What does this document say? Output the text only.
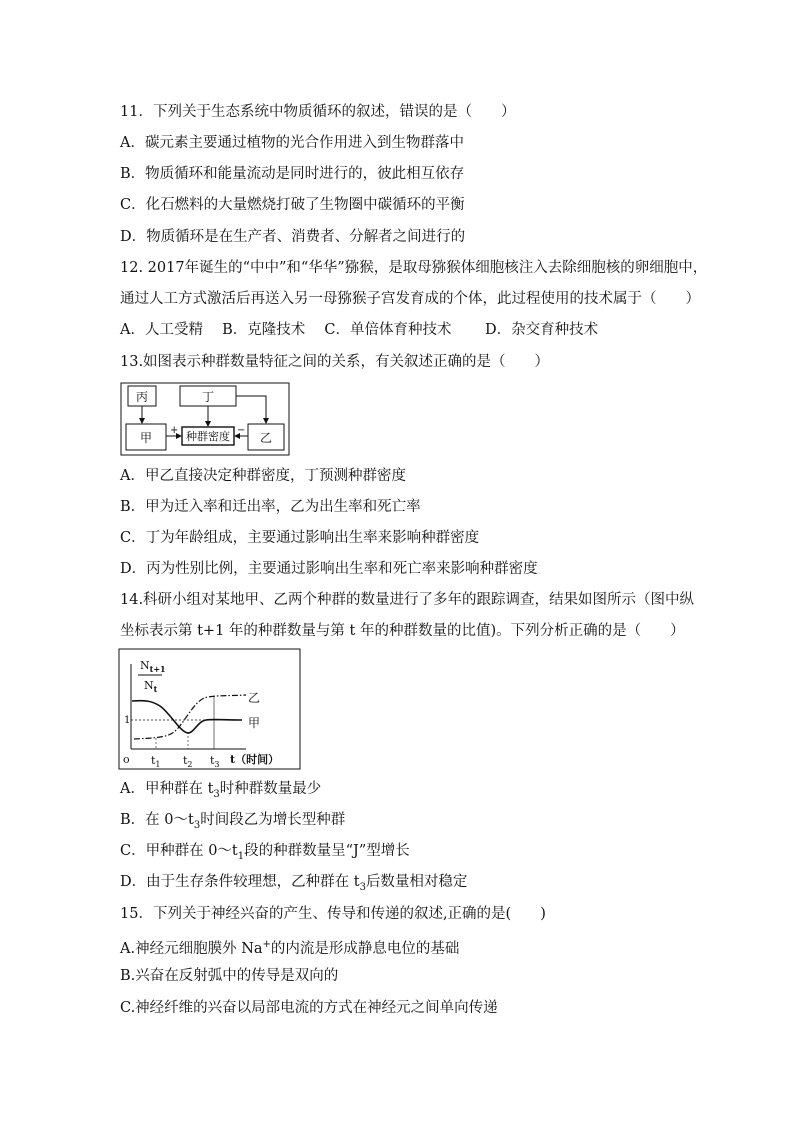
11．下列关于生态系统中物质循环的叙述，错误的是（　　）
A．碳元素主要通过植物的光合作用进入到生物群落中
B．物质循环和能量流动是同时进行的，彼此相互依存
C．化石燃料的大量燃烧打破了生物圈中碳循环的平衡
D．物质循环是在生产者、消费者、分解者之间进行的
12. 2017年诞生的“中中”和“华华”猕猴，是取母猕猴体细胞核注入去除细胞核的卵细胞中，
通过人工方式激活后再送入另一母猕猴子宫发育成的个体，此过程使用的技术属于（　　）
A．人工受精　 B．克隆技术　 C．单倍体育种技术　　 D．杂交育种技术
13.如图表示种群数量特征之间的关系，有关叙述正确的是（　　）
丙	丁
甲	种群密度 乙
+	−
A．甲乙直接决定种群密度，丁预测种群密度
B．甲为迁入率和迁出率，乙为出生率和死亡率
C．丁为年龄组成，主要通过影响出生率来影响种群密度
D．丙为性别比例，主要通过影响出生率和死亡率来影响种群密度
14.科研小组对某地甲、乙两个种群的数量进行了多年的跟踪调查，结果如图所示（图中纵
坐标表示第 t+1 年的种群数量与第 t 年的种群数量的比值)。下列分析正确的是（　　）
$N_{t+1}$
$N_t$
1
乙
甲
o $t_1$ $t_2$ $t_3$ t（时间）
A．甲种群在 $t_3$时种群数量最少
B．在 $0\sim t_3$时间段乙为增长型种群
C．甲种群在 $0\sim t_1$段的种群数量呈“J”型增长
D．由于生存条件较理想，乙种群在 $t_3$后数量相对稳定
15．下列关于神经兴奋的产生、传导和传递的叙述,正确的是(　　)
A.神经元细胞膜外 Na+的内流是形成静息电位的基础
B.兴奋在反射弧中的传导是双向的
C.神经纤维的兴奋以局部电流的方式在神经元之间单向传递
